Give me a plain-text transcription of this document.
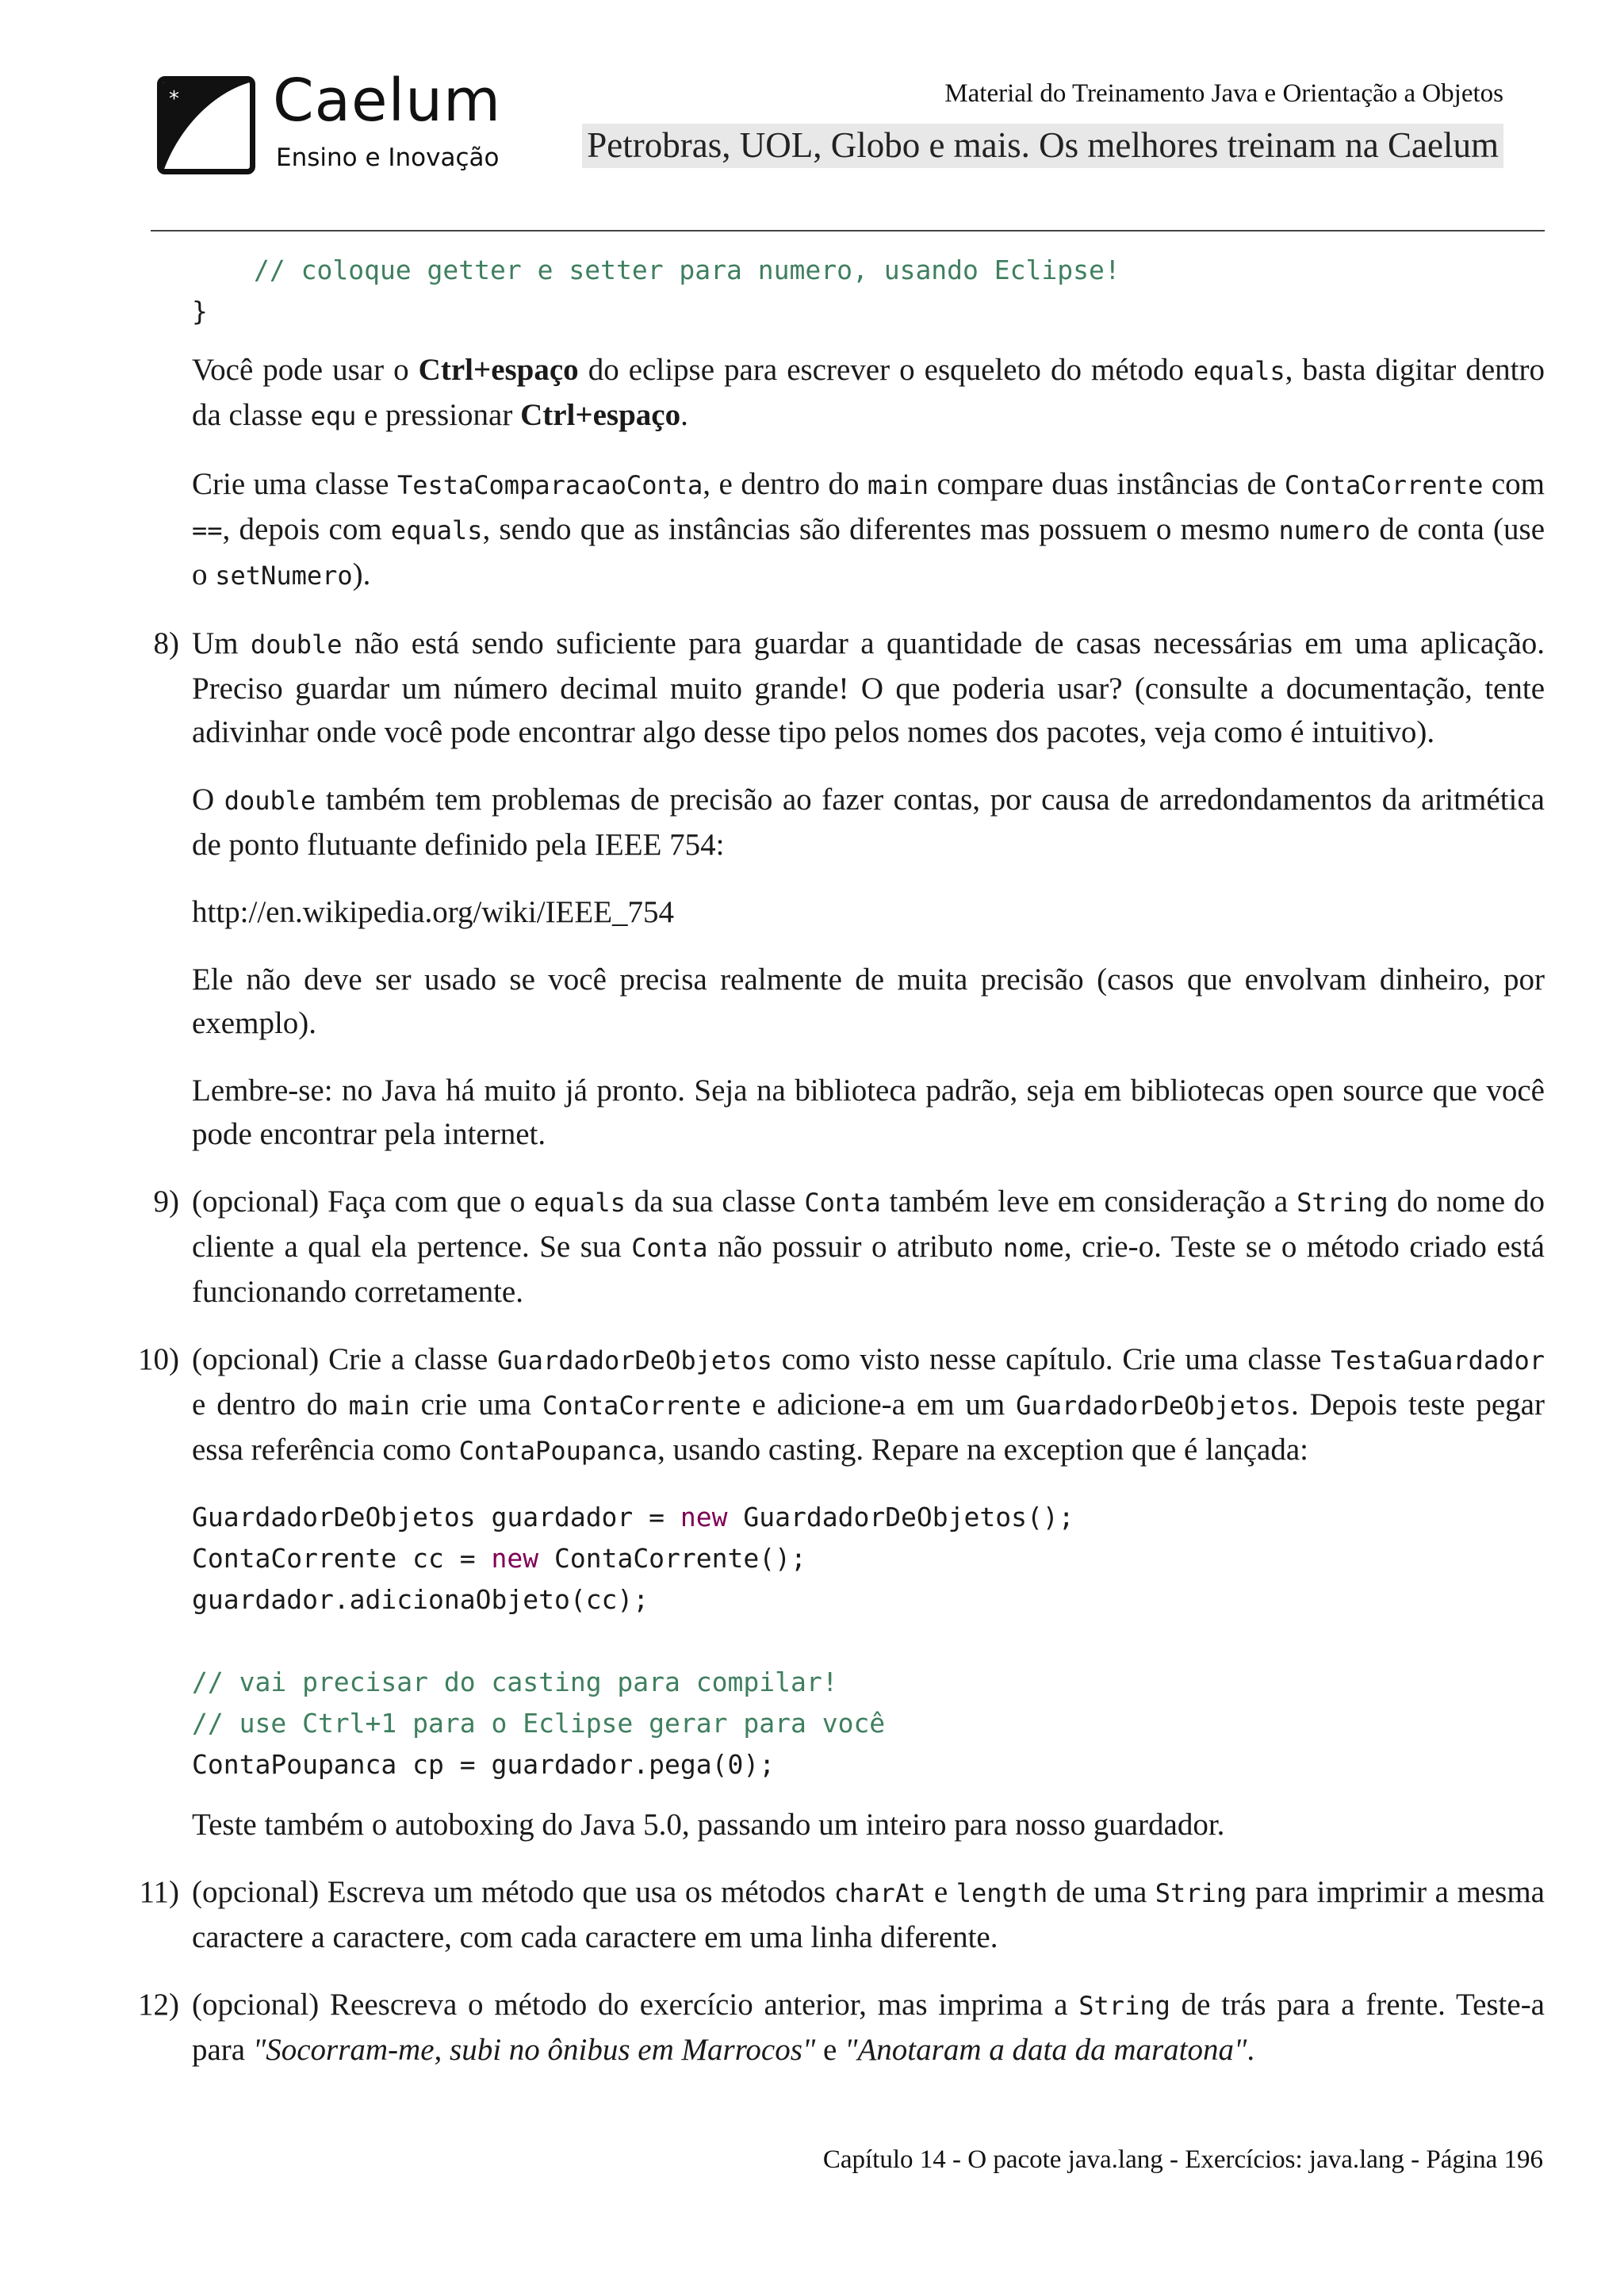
* Caelum
Ensino e Inovação
Material do Treinamento Java e Orientação a Objetos
Petrobras, UOL, Globo e mais. Os melhores treinam na Caelum
// coloque getter e setter para numero, usando Eclipse!
}

Você pode usar o Ctrl+espaço do eclipse para escrever o esqueleto do método equals, basta digitar dentro da classe equ e pressionar Ctrl+espaço.

Crie uma classe TestaComparacaoConta, e dentro do main compare duas instâncias de ContaCorrente com ==, depois com equals, sendo que as instâncias são diferentes mas possuem o mesmo numero de conta (use o setNumero).

8) Um double não está sendo suficiente para guardar a quantidade de casas necessárias em uma aplicação. Preciso guardar um número decimal muito grande! O que poderia usar? (consulte a documentação, tente adivinhar onde você pode encontrar algo desse tipo pelos nomes dos pacotes, veja como é intuitivo).

O double também tem problemas de precisão ao fazer contas, por causa de arredondamentos da aritmética de ponto flutuante definido pela IEEE 754:

http://en.wikipedia.org/wiki/IEEE_754

Ele não deve ser usado se você precisa realmente de muita precisão (casos que envolvam dinheiro, por exemplo).

Lembre-se: no Java há muito já pronto. Seja na biblioteca padrão, seja em bibliotecas open source que você pode encontrar pela internet.

9) (opcional) Faça com que o equals da sua classe Conta também leve em consideração a String do nome do cliente a qual ela pertence. Se sua Conta não possuir o atributo nome, crie-o. Teste se o método criado está funcionando corretamente.

10) (opcional) Crie a classe GuardadorDeObjetos como visto nesse capítulo. Crie uma classe TestaGuardador e dentro do main crie uma ContaCorrente e adicione-a em um GuardadorDeObjetos. Depois teste pegar essa referência como ContaPoupanca, usando casting. Repare na exception que é lançada:

GuardadorDeObjetos guardador = new GuardadorDeObjetos();
ContaCorrente cc = new ContaCorrente();
guardador.adicionaObjeto(cc);

// vai precisar do casting para compilar!
// use Ctrl+1 para o Eclipse gerar para você
ContaPoupanca cp = guardador.pega(0);

Teste também o autoboxing do Java 5.0, passando um inteiro para nosso guardador.

11) (opcional) Escreva um método que usa os métodos charAt e length de uma String para imprimir a mesma caractere a caractere, com cada caractere em uma linha diferente.

12) (opcional) Reescreva o método do exercício anterior, mas imprima a String de trás para a frente. Teste-a para "Socorram-me, subi no ônibus em Marrocos" e "Anotaram a data da maratona".

Capítulo 14 - O pacote java.lang - Exercícios: java.lang - Página 196
